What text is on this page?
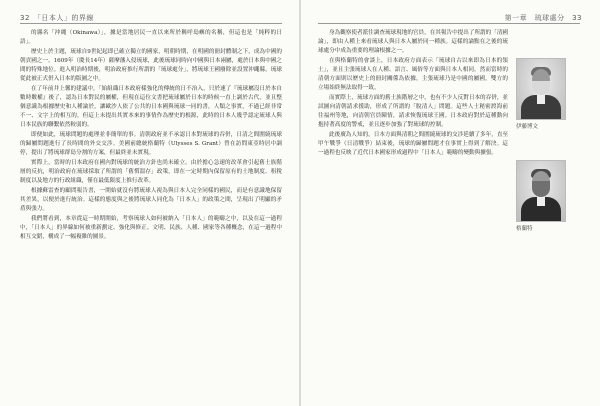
32　「日本人」的界線

的縣名「沖縄（Okinawa）」，據是當地居民一直以來所於稱呼島嶼的名稱，但這也是「純粹的日語」。

歷史上於主題，琉球自9世紀起即已確立獨立的國家，明朝時期，在明國的冊封體制之下，成為中國的朝貢國之一。1609年（慶長14年）薩摩藩入侵琉球，此後琉球同時向中國與日本兩屬，處於日本與中國之間的特殊地位。進入明治時期後，明治政府推行所謂的「琉球處分」，將琉球王國廢除並設置沖繩縣，琉球從此被正式併入日本的版圖之中。

在了年前井上馨的建議中，「始組織日本政府樣強化的傳統的日不治入，只於速了『琉球屬沒日於本自數時數權』後了，認為日本對民的屬權，但現在這位文書把琉球屬於日本的時候一直上調於古代，並且整個意識為根據歷史和人種論於，讓歐沙人依了公共的日本國與琉球一同的書，人類之事實，不過已經非常不一、文字上的相互的，但這上未提出其實本來的事情作為歷史的根源，此時的日本人幾乎認定琉球人與日本民族的聯繫依然較弱的。

即便如此，琉球問題的處理並非簡單的事。清朝政府並不承認日本對琉球的吞併，日清之間圍繞琉球的歸屬問題進行了長時間的外交交涉。美國前總統格蘭特（Ulysses S. Grant）曾在訪問東亞時居中調停，提出了將琉球群島分割的方案，但最終並未實現。

實際上，當時的日本政府在國內對琉球的統治方針也尚未確立。由於擔心急速的改革會引起舊士族階層的反抗，明治政府在琉球採取了所謂的「舊慣溫存」政策，即在一定時期內保留原有的土地制度、租稅制度以及地方的行政組織，僅在最低限度上推行改革。

根據蘇雷查的顧問報告書，一開始就沒有將琉球人視為與日本人完全同樣的國民，而是有意識地保留其差異，以便於進行統治。這樣的態度與之後將琉球人同化為「日本人」的政策之間，呈現出了明顯的矛盾與張力。

我們將看到，本章從這一時期開始，考察琉球人如何被納入「日本人」的範疇之中，以及在這一過程中，「日本人」的界線如何被重新劃定、強化與修正。文明、民族、人種、國家等各種概念，在這一過程中相互交錯，構成了一幅複雜的圖景。

第一章　琉球處分　33

身為觀察使者派往調查琉球現地的官員，在其報告中提出了所謂的「清國論」，即由人種上來看琉球人與日本人屬於同一種族。這樣的論點在之後的琉球處分中成為重要的理論根據之一。

在與格蘭特的會談上，日本政府方面表示「琉球自古以來即為日本的領土」，並且主張琉球人在人種、語言、風俗等方面與日本人相同。然而當時的清朝方面則以歷史上的冊封關係為依據，主張琉球乃是中國的屬國，雙方的立場始終無法取得一致。

而實際上，琉球方面的舊士族階層之中，也有不少人反對日本的吞併，並試圖向清朝請求援助，形成了所謂的「脫清人」問題。這些人士秘密渡海前往福州等地，向清朝官員陳情，請求恢復琉球王國。日本政府對於這種動向抱持著高度的警戒，並且逐步加強了對琉球的控制。

此後廣為人知的，日本方面與清朝之間圍繞琉球的交涉延續了多年，直至甲午戰爭（日清戰爭）結束後，琉球的歸屬問題才在事實上得到了解決。這一過程也反映了近代日本國家形成過程中「日本人」範疇的變動與擴張。

伊藤博文
格蘭特
